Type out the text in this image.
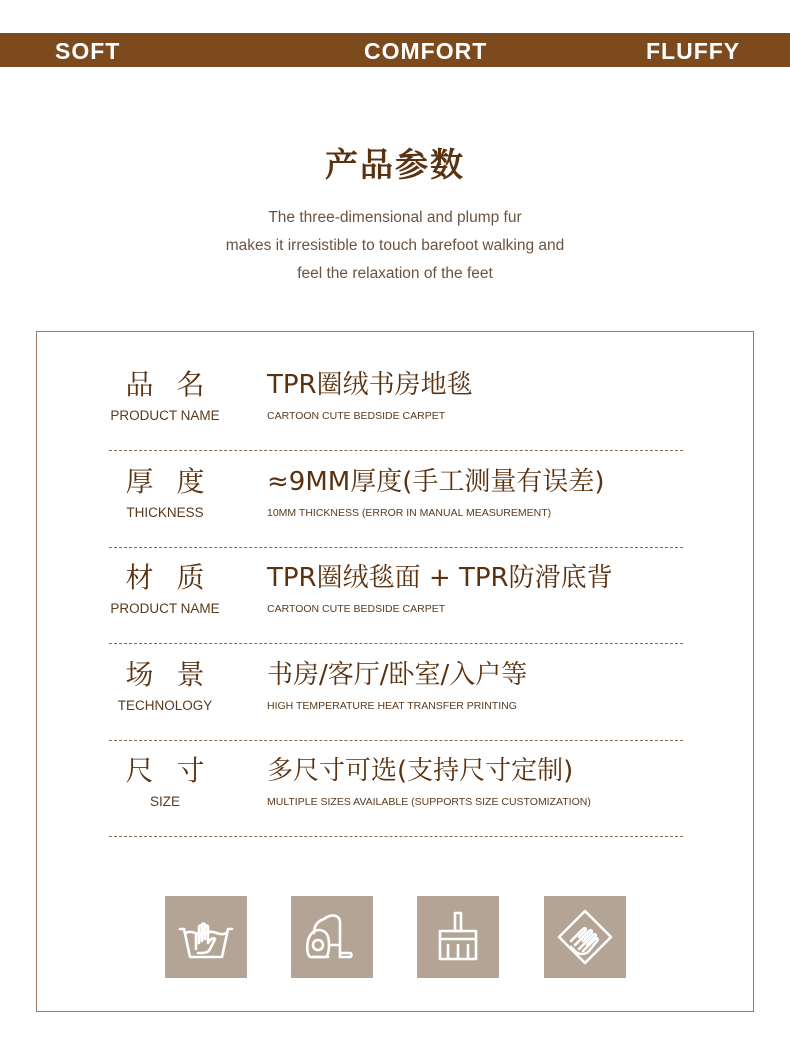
SOFT	COMFORT	FLUFFY
产品参数
The three-dimensional and plump fur
makes it irresistible to touch barefoot walking and
feel the relaxation of the feet
品 名
PRODUCT NAME
TPR圈绒书房地毯
CARTOON CUTE BEDSIDE CARPET
厚 度
THICKNESS
≈9MM厚度(手工测量有误差)
10MM THICKNESS (ERROR IN MANUAL MEASUREMENT)
材 质
PRODUCT NAME
TPR圈绒毯面 + TPR防滑底背
CARTOON CUTE BEDSIDE CARPET
场 景
TECHNOLOGY
书房/客厅/卧室/入户等
HIGH TEMPERATURE HEAT TRANSFER PRINTING
尺 寸
SIZE
多尺寸可选(支持尺寸定制)
MULTIPLE SIZES AVAILABLE (SUPPORTS SIZE CUSTOMIZATION)
